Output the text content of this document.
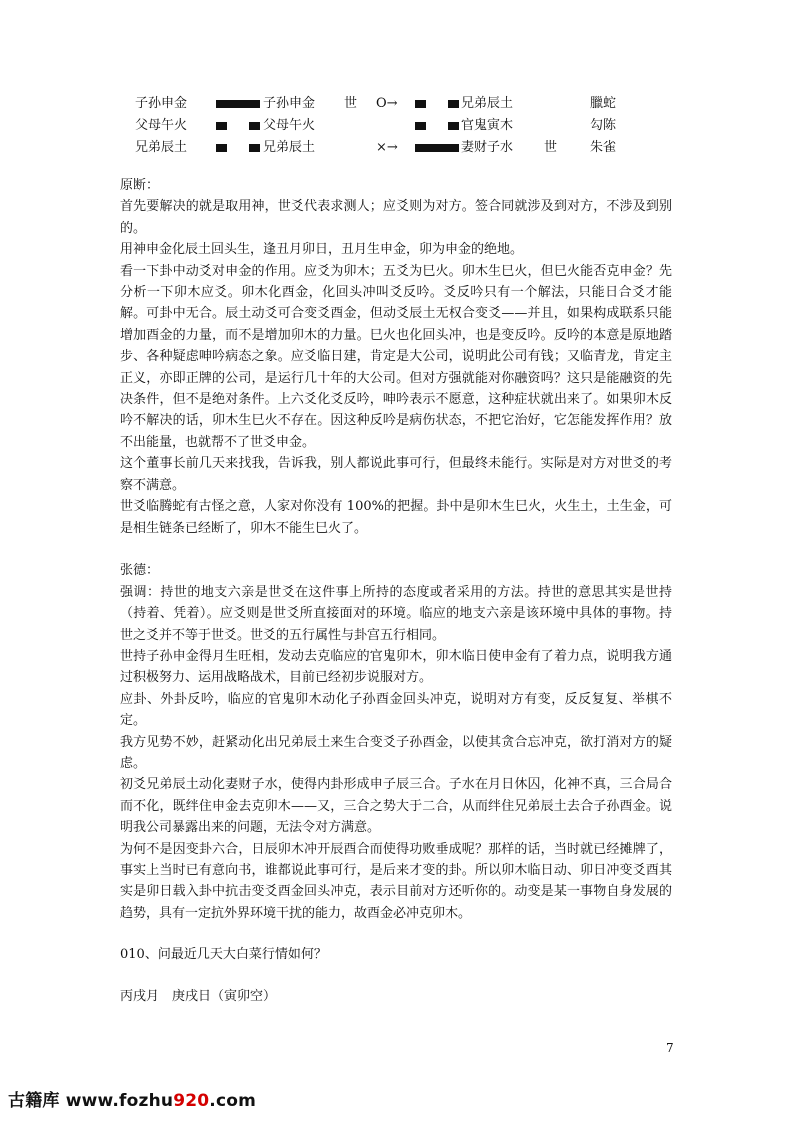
子孙申金	子孙申金 世 O→	兄弟辰土	臘蛇
父母午火	父母午火	官鬼寅木	勾陈
兄弟辰土	兄弟辰土	×→	妻财子水 世	朱雀

原断：

首先要解决的就是取用神，世爻代表求测人；应爻则为对方。签合同就涉及到对方，不涉及到别的。

用神申金化辰土回头生，逢丑月卯日，丑月生申金，卯为申金的绝地。

看一下卦中动爻对申金的作用。应爻为卯木；五爻为巳火。卯木生巳火，但巳火能否克申金？先分析一下卯木应爻。卯木化酉金，化回头冲叫爻反吟。爻反吟只有一个解法，只能日合爻才能解。可卦中无合。辰土动爻可合变爻酉金，但动爻辰土无权合变爻——并且，如果构成联系只能增加酉金的力量，而不是增加卯木的力量。巳火也化回头冲，也是变反吟。反吟的本意是原地踏步、各种疑虑呻吟病态之象。应爻临日建，肯定是大公司，说明此公司有钱；又临青龙，肯定主正义，亦即正牌的公司，是运行几十年的大公司。但对方强就能对你融资吗？这只是能融资的先决条件，但不是绝对条件。上六爻化爻反吟，呻吟表示不愿意，这种症状就出来了。如果卯木反吟不解决的话，卯木生巳火不存在。因这种反吟是病伤状态，不把它治好，它怎能发挥作用？放不出能量，也就帮不了世爻申金。

这个董事长前几天来找我，告诉我，别人都说此事可行，但最终未能行。实际是对方对世爻的考察不满意。

世爻临腾蛇有古怪之意，人家对你没有 100%的把握。卦中是卯木生巳火，火生土，土生金，可是相生链条已经断了，卯木不能生巳火了。

张德：

强调：持世的地支六亲是世爻在这件事上所持的态度或者采用的方法。持世的意思其实是世持（持着、凭着）。应爻则是世爻所直接面对的环境。临应的地支六亲是该环境中具体的事物。持世之爻并不等于世爻。世爻的五行属性与卦宫五行相同。

世持子孙申金得月生旺相，发动去克临应的官鬼卯木，卯木临日使申金有了着力点，说明我方通过积极努力、运用战略战术，目前已经初步说服对方。

应卦、外卦反吟，临应的官鬼卯木动化子孙酉金回头冲克，说明对方有变，反反复复、举棋不定。

我方见势不妙，赶紧动化出兄弟辰土来生合变爻子孙酉金，以使其贪合忘冲克，欲打消对方的疑虑。

初爻兄弟辰土动化妻财子水，使得内卦形成申子辰三合。子水在月日休囚，化神不真，三合局合而不化，既绊住申金去克卯木——又，三合之势大于二合，从而绊住兄弟辰土去合子孙酉金。说明我公司暴露出来的问题，无法令对方满意。

为何不是因变卦六合，日辰卯木冲开辰酉合而使得功败垂成呢？那样的话，当时就已经摊牌了，事实上当时已有意向书，谁都说此事可行，是后来才变的卦。所以卯木临日动、卯日冲变爻酉其实是卯日载入卦中抗击变爻酉金回头冲克，表示目前对方还听你的。动变是某一事物自身发展的趋势，具有一定抗外界环境干扰的能力，故酉金必冲克卯木。

010、问最近几天大白菜行情如何？

丙戌月　庚戌日（寅卯空）

7
古籍库 www.fozhu920.com
